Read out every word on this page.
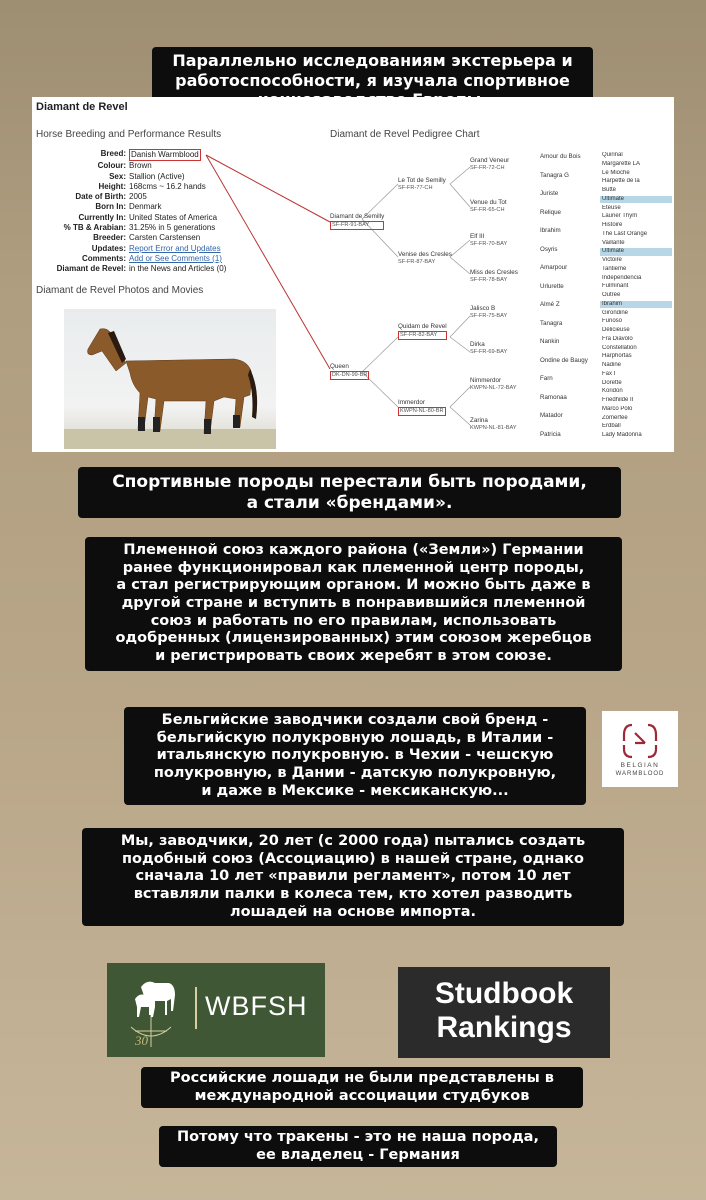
Параллельно исследованиям экстерьера и
работоспособности, я изучала спортивное
Diamant de Revel
Horse Breeding and Performance Results	Diamant de Revel Pedigree Chart
Diamant de Revel Photos and Movies
Breed: Danish Warmblood
Colour: Brown
Sex: Stallion (Active)
Height: 168cms ~ 16.2 hands
Date of Birth: 2005
Born In: Denmark
Currently In: United States of America
% TB & Arabian: 31.25% in 5 generations
Breeder: Carsten Carstensen
Updates: Report Error and Updates
Comments: Add or See Comments (1)
Diamant de Revel: in the News and Articles (0)
Diamant de Semilly
SF-FR-91-BAY
Queen
DK-DN-99-BR
Le Tot de Semilly
SF-FR-77-CH
Venise des Cresles
SF-FR-87-BAY
Quidam de Revel
SF-FR-82-BAY
Immerdor
KWPN-NL-80-BR
Grand Veneur
SF-FR-72-CH
Venue du Tot
SF-FR-65-CH
Elf III
SF-FR-70-BAY
Miss des Cresles
SF-FR-78-BAY
Jalisco B
SF-FR-75-BAY
Dirka
SF-FR-69-BAY
Nimmerdor
KWPN-NL-72-BAY
Zarina
KWPN-NL-81-BAY
Amour du Bois
Tanagra G
Juriste
Relique
Ibrahim
Osyris
Amarpour
Urlurette
Almé Z
Tanagra
Nankin
Ondine de Baugy
Farn
Ramonaa
Matador
Patricia
Quirinal
Margarette LA
Le Mioche
Harpette de la
Butte
Ultimate
Eteuse
Laurier Thym
Histoire
The Last Orange
Vaillante
Ultimate
Victoire
Tantieme
Independencia
Fulminant
Outree
Ibrahim
Girondine
Furioso
Délicieuse
Fra Diavolo
Constellation
Harphortas
Nadine
Fax I
Dorette
Koridon
Friedhilde II
Marco Polo
Zomerfee
Erdball
Lady Madonna
Спортивные породы перестали быть породами,
а стали «брендами».
Племенной союз каждого района («Земли») Германии
ранее функционировал как племенной центр породы,
а стал регистрирующим органом. И можно быть даже в
другой стране и вступить в понравившийся племенной
союз и работать по его правилам, использовать
одобренных (лицензированных) этим союзом жеребцов
и регистрировать своих жеребят в этом союзе.
Бельгийские заводчики создали свой бренд -
бельгийскую полукровную лошадь, в Италии -
итальянскую полукровную. в Чехии - чешскую
полукровную, в Дании - датскую полукровную,
и даже в Мексике - мексиканскую...
BELGIAN
WARMBLOOD
Мы, заводчики, 20 лет (с 2000 года) пытались создать
подобный союз (Ассоциацию) в нашей стране, однако
сначала 10 лет «правили регламент», потом 10 лет
вставляли палки в колеса тем, кто хотел разводить
лошадей на основе импорта.
WBFSH
30
Studbook
Rankings
Российские лошади не были представлены в
международной ассоциации студбуков
Потому что тракены - это не наша порода,
ее владелец - Германия
